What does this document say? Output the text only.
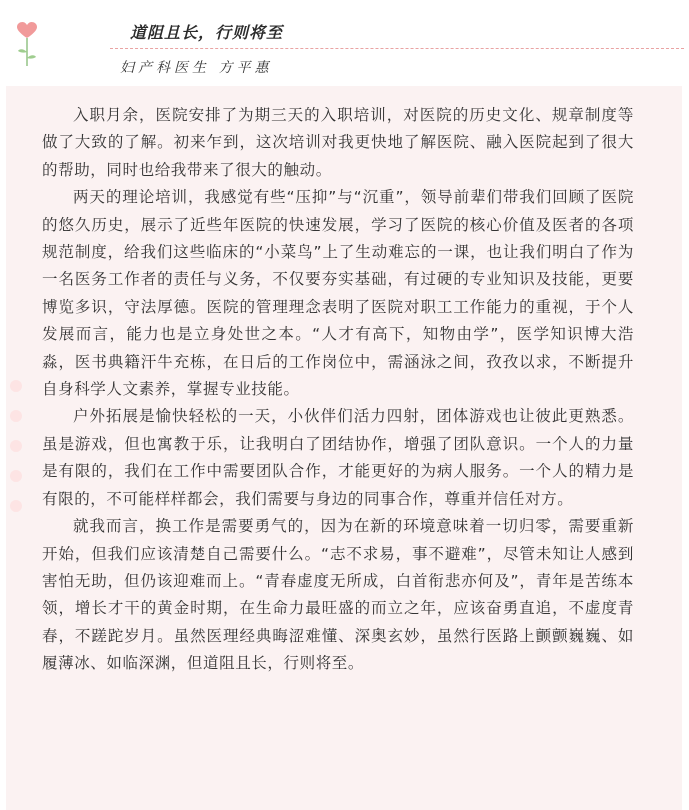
道阻且长，行则将至
妇产科医生 方平惠

入职月余，医院安排了为期三天的入职培训，对医院的历史文化、规章制度等做了大致的了解。初来乍到，这次培训对我更快地了解医院、融入医院起到了很大的帮助，同时也给我带来了很大的触动。

两天的理论培训，我感觉有些“压抑”与“沉重”，领导前辈们带我们回顾了医院的悠久历史，展示了近些年医院的快速发展，学习了医院的核心价值及医者的各项规范制度，给我们这些临床的“小菜鸟”上了生动难忘的一课，也让我们明白了作为一名医务工作者的责任与义务，不仅要夯实基础，有过硬的专业知识及技能，更要博览多识，守法厚德。医院的管理理念表明了医院对职工工作能力的重视，于个人发展而言，能力也是立身处世之本。“人才有高下，知物由学”，医学知识博大浩淼，医书典籍汗牛充栋，在日后的工作岗位中，需涵泳之间，孜孜以求，不断提升自身科学人文素养，掌握专业技能。

户外拓展是愉快轻松的一天，小伙伴们活力四射，团体游戏也让彼此更熟悉。虽是游戏，但也寓教于乐，让我明白了团结协作，增强了团队意识。一个人的力量是有限的，我们在工作中需要团队合作，才能更好的为病人服务。一个人的精力是有限的，不可能样样都会，我们需要与身边的同事合作，尊重并信任对方。

就我而言，换工作是需要勇气的，因为在新的环境意味着一切归零，需要重新开始，但我们应该清楚自己需要什么。“志不求易，事不避难”，尽管未知让人感到害怕无助，但仍该迎难而上。“青春虚度无所成，白首衔悲亦何及”，青年是苦练本领，增长才干的黄金时期，在生命力最旺盛的而立之年，应该奋勇直追，不虚度青春，不蹉跎岁月。虽然医理经典晦涩难懂、深奥玄妙，虽然行医路上颤颤巍巍、如履薄冰、如临深渊，但道阻且长，行则将至。
